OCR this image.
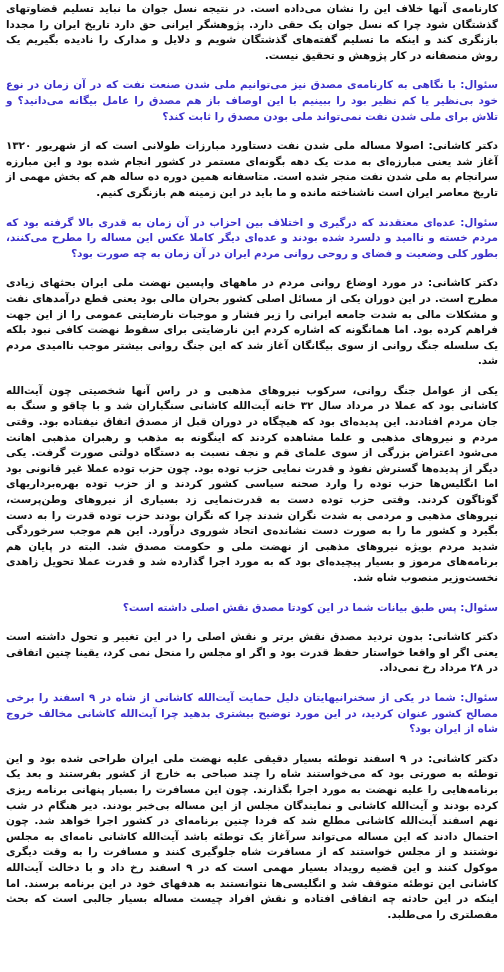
کارنامه‌ی آنها خلاف این را نشان می‌داده است. در نتیجه نسل جوان ما نباید تسلیم قضاوتهای گذشتگان شود چرا که نسل جوان یک حقی دارد. پژوهشگر ایرانی حق دارد تاریخ ایران را مجددا بازنگری کند و اینکه ما تسلیم گفته‌های گذشتگان شویم و دلایل و مدارک را نادیده بگیریم یک روش منصفانه در کار پژوهش و تحقیق نیست.

سئوال: با نگاهی به کارنامه‌ی مصدق نیز می‌توانیم ملی شدن صنعت نفت که در آن زمان در نوع خود بی‌نظیر یا کم نظیر بود را ببینیم با این اوصاف باز هم مصدق را عامل بیگانه می‌دانید؟ و تلاش برای ملی شدن نفت نمی‌تواند ملی بودن مصدق را ثابت کند؟

دکتر کاشانی: اصولا مساله ملی شدن نفت دستاورد مبارزات طولانی است که از شهریور ۱۳۲۰ آغاز شد یعنی مبارزه‌ای به مدت یک دهه بگونه‌ای مستمر در کشور انجام شده بود و این مبارزه سرانجام به ملی شدن نفت منجر شده است. متاسفانه همین دوره ده ساله هم که بخش مهمی از تاریخ معاصر ایران است ناشناخته مانده و ما باید در این زمینه هم بازنگری کنیم.

سئوال: عده‌ای معتقدند که درگیری و اختلاف بین احزاب در آن زمان به قدری بالا گرفته بود که مردم خسته و ناامید و دلسرد شده بودند و عده‌ای دیگر کاملا عکس این مساله را مطرح می‌کنند، بطور کلی وضعیت و فضای و روحی روانی مردم ایران در آن زمان به چه صورت بود؟

دکتر کاشانی: در مورد اوضاع روانی مردم در ماههای واپسین نهضت ملی ایران بحثهای زیادی مطرح است. در این دوران یکی از مسائل اصلی کشور بحران مالی بود یعنی قطع درآمدهای نفت و مشکلات مالی به شدت جامعه ایرانی را زیر فشار و موجبات نارضایتی عمومی را از این جهت فراهم کرده بود. اما همانگونه که اشاره کردم این نارضایتی برای سقوط نهضت کافی نبود بلکه یک سلسله جنگ روانی از سوی بیگانگان آغاز شد که این جنگ روانی بیشتر موجب ناامیدی مردم شد.

یکی از عوامل جنگ روانی، سرکوب نیروهای مذهبی و در راس آنها شخصیتی چون آیت‌الله کاشانی بود که عملا در مرداد سال ۳۲ خانه آیت‌الله کاشانی سنگباران شد و با چاقو و سنگ به جان مردم افتادند. این پدیده‌ای بود که هیچگاه در دوران قبل از مصدق اتفاق نیفتاده بود. وقتی مردم و نیروهای مذهبی و علما مشاهده کردند که اینگونه به مذهب و رهبران مذهبی اهانت می‌شود اعتراض بزرگی از سوی علمای قم و نجف نسبت به دستگاه دولتی صورت گرفت. یکی دیگر از پدیده‌ها گسترش نفوذ و قدرت نمایی حزب توده بود. چون حزب توده عملا غیر قانونی بود اما انگلیس‌ها حزب توده را وارد صحنه سیاسی کشور کردند و از حزب توده بهره‌برداریهای گوناگون کردند. وقتی حزب توده دست به قدرت‌نمایی زد بسیاری از نیروهای وطن‌پرست، نیروهای مذهبی و مردمی به شدت نگران شدند چرا که نگران بودند حزب توده قدرت را به دست بگیرد و کشور ما را به صورت دست نشانده‌ی اتحاد شوروی درآورد. این هم موجب سرخوردگی شدید مردم بویژه نیروهای مذهبی از نهضت ملی و حکومت مصدق شد. البته در پایان هم برنامه‌های مرموز و بسیار پیچیده‌ای بود که به مورد اجرا گذارده شد و قدرت عملا تحویل زاهدی نخست‌وزیر منصوب شاه شد.

سئوال: پس طبق بیانات شما در این کودتا مصدق نقش اصلی داشته است؟

دکتر کاشانی: بدون تردید مصدق نقش برتر و نقش اصلی را در این تغییر و تحول داشته است یعنی اگر او واقعا خواستار حفظ قدرت بود و اگر او مجلس را منحل نمی کرد، یقینا چنین اتفاقی در ۲۸ مرداد رخ نمی‌داد.

سئوال: شما در یکی از سخنرانیهایتان دلیل حمایت آیت‌الله کاشانی از شاه در ۹ اسفند را برخی مصالح کشور عنوان کردید، در این مورد توضیح بیشتری بدهید چرا آیت‌الله کاشانی مخالف خروج شاه از ایران بود؟

دکتر کاشانی: در ۹ اسفند توطئه بسیار دقیقی علیه نهضت ملی ایران طراحی شده بود و این توطئه به صورتی بود که می‌خواستند شاه را چند صباحی به خارج از کشور بفرستند و بعد یک برنامه‌هایی را علیه نهضت به مورد اجرا بگذارند. چون این مسافرت را بسیار پنهانی برنامه ریزی کرده بودند و آیت‌الله کاشانی و نمایندگان مجلس از این مساله بی‌خبر بودند. دیر هنگام در شب نهم اسفند آیت‌الله کاشانی مطلع شد که فردا چنین برنامه‌ای در کشور اجرا خواهد شد. چون احتمال دادند که این مساله می‌تواند سرآغاز یک توطئه باشد آیت‌الله کاشانی نامه‌ای به مجلس نوشتند و از مجلس خواستند که از مسافرت شاه جلوگیری کنند و مسافرت را به وقت دیگری موکول کنند و این قضیه رویداد بسیار مهمی است که در ۹ اسفند رخ داد و با دخالت آیت‌الله کاشانی این توطئه متوقف شد و انگلیسی‌ها نتوانستند به هدفهای خود در این برنامه برسند. اما اینکه در این حادثه چه اتفاقی افتاده و نقش افراد چیست مساله بسیار جالبی است که بحث مفصلتری را می‌طلبد.
